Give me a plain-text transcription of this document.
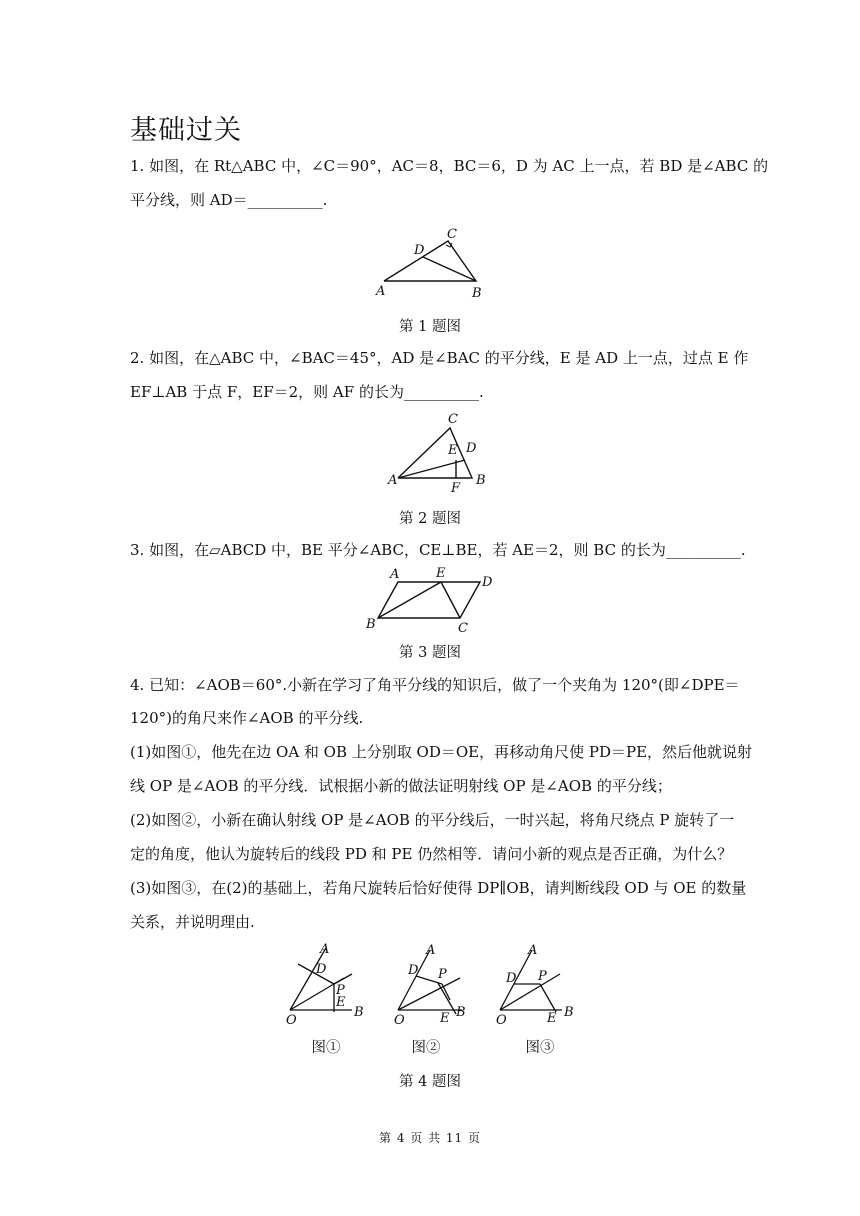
基础过关
1. 如图，在 Rt△ABC 中，∠C＝90°，AC＝8，BC＝6，D 为 AC 上一点，若 BD 是∠ABC 的
平分线，则 AD＝__________.
A	B
C
D
第 1 题图
2. 如图，在△ABC 中，∠BAC＝45°，AD 是∠BAC 的平分线，E 是 AD 上一点，过点 E 作
EF⊥AB 于点 F，EF＝2，则 AF 的长为__________.
A	B
C
D
E
F
第 2 题图
3. 如图，在▱ABCD 中，BE 平分∠ABC，CE⊥BE，若 AE＝2，则 BC 的长为__________.
A
B	C
D
E
第 3 题图
4. 已知：∠AOB＝60°.小新在学习了角平分线的知识后，做了一个夹角为 120°(即∠DPE＝
120°)的角尺来作∠AOB 的平分线.
(1)如图①，他先在边 OA 和 OB 上分别取 OD＝OE，再移动角尺使 PD＝PE，然后他就说射
线 OP 是∠AOB 的平分线．试根据小新的做法证明射线 OP 是∠AOB 的平分线；
(2)如图②，小新在确认射线 OP 是∠AOB 的平分线后，一时兴起，将角尺绕点 P 旋转了一
定的角度，他认为旋转后的线段 PD 和 PE 仍然相等．请问小新的观点是否正确，为什么？
(3)如图③，在(2)的基础上，若角尺旋转后恰好使得 DP∥OB，请判断线段 OD 与 OE 的数量
关系，并说明理由.
A
B
D
E
O
P
图①
A
B
D
E
O
P
图②
A
B
D
E
O
P
图③
第 4 题图
第 4 页 共 11 页
